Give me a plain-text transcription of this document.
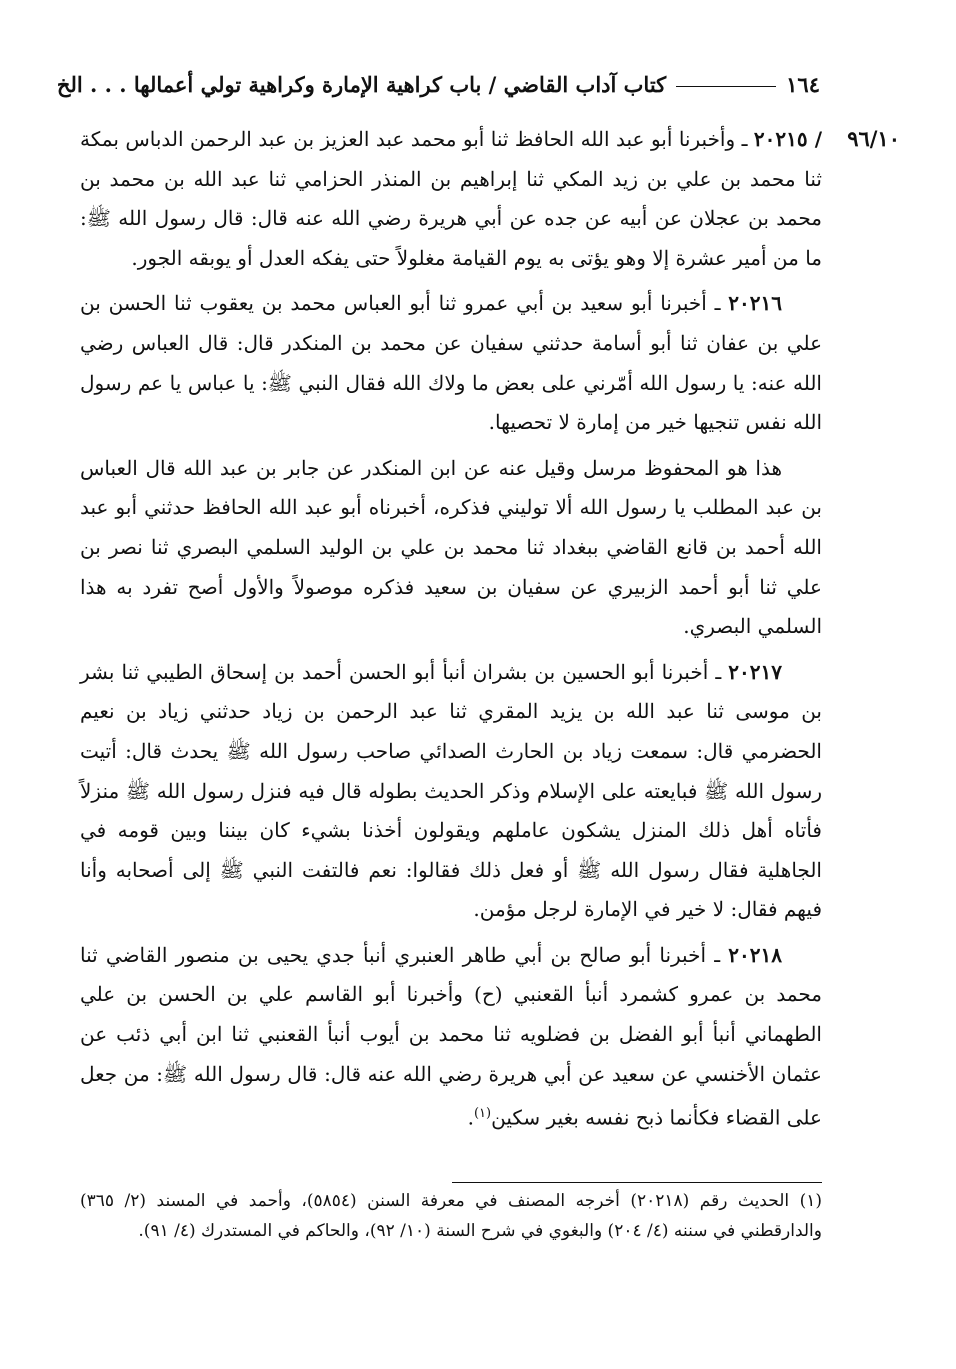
١٦٤
كتاب آداب القاضي / باب كراهية الإمارة وكراهية تولي أعمالها . . . الخ
٩٦/١٠

/ ٢٠٢١٥ ـ وأخبرنا أبو عبد الله الحافظ ثنا أبو محمد عبد العزيز بن عبد الرحمن الدباس بمكة ثنا محمد بن علي بن زيد المكي ثنا إبراهيم بن المنذر الحزامي ثنا عبد الله بن محمد بن محمد بن عجلان عن أبيه عن جده عن أبي هريرة رضي الله عنه قال: قال رسول الله ﷺ: ما من أمير عشرة إلا وهو يؤتى به يوم القيامة مغلولاً حتى يفكه العدل أو يوبقه الجور.

٢٠٢١٦ ـ أخبرنا أبو سعيد بن أبي عمرو ثنا أبو العباس محمد بن يعقوب ثنا الحسن بن علي بن عفان ثنا أبو أسامة حدثني سفيان عن محمد بن المنكدر قال: قال العباس رضي الله عنه: يا رسول الله أمّرني على بعض ما ولاك الله فقال النبي ﷺ: يا عباس يا عم رسول الله نفس تنجيها خير من إمارة لا تحصيها.

هذا هو المحفوظ مرسل وقيل عنه عن ابن المنكدر عن جابر بن عبد الله قال العباس بن عبد المطلب يا رسول الله ألا توليني فذكره، أخبرناه أبو عبد الله الحافظ حدثني أبو عبد الله أحمد بن قانع القاضي ببغداد ثنا محمد بن علي بن الوليد السلمي البصري ثنا نصر بن علي ثنا أبو أحمد الزبيري عن سفيان بن سعيد فذكره موصولاً والأول أصح تفرد به هذا السلمي البصري.

٢٠٢١٧ ـ أخبرنا أبو الحسين بن بشران أنبأ أبو الحسن أحمد بن إسحاق الطيبي ثنا بشر بن موسى ثنا عبد الله بن يزيد المقري ثنا عبد الرحمن بن زياد حدثني زياد بن نعيم الحضرمي قال: سمعت زياد بن الحارث الصدائي صاحب رسول الله ﷺ يحدث قال: أتيت رسول الله ﷺ فبايعته على الإسلام وذكر الحديث بطوله قال فيه فنزل رسول الله ﷺ منزلاً فأتاه أهل ذلك المنزل يشكون عاملهم ويقولون أخذنا بشيء كان بيننا وبين قومه في الجاهلية فقال رسول الله ﷺ أو فعل ذلك فقالوا: نعم فالتفت النبي ﷺ إلى أصحابه وأنا فيهم فقال: لا خير في الإمارة لرجل مؤمن.

٢٠٢١٨ ـ أخبرنا أبو صالح بن أبي طاهر العنبري أنبأ جدي يحيى بن منصور القاضي ثنا محمد بن عمرو كشمرد أنبأ القعنبي (ح) وأخبرنا أبو القاسم علي بن الحسن بن علي الطهماني أنبأ أبو الفضل بن فضلويه ثنا محمد بن أيوب أنبأ القعنبي ثنا ابن أبي ذئب عن عثمان الأخنسي عن سعيد عن أبي هريرة رضي الله عنه قال: قال رسول الله ﷺ: من جعل على القضاء فكأنما ذبح نفسه بغير سكين$^{(١)}$.

(١) الحديث رقم (٢٠٢١٨) أخرجه المصنف في معرفة السنن (٥٨٥٤)، وأحمد في المسند (٢/ ٣٦٥) والدارقطني في سننه (٤/ ٢٠٤) والبغوي في شرح السنة (١٠/ ٩٢)، والحاكم في المستدرك (٤/ ٩١).
